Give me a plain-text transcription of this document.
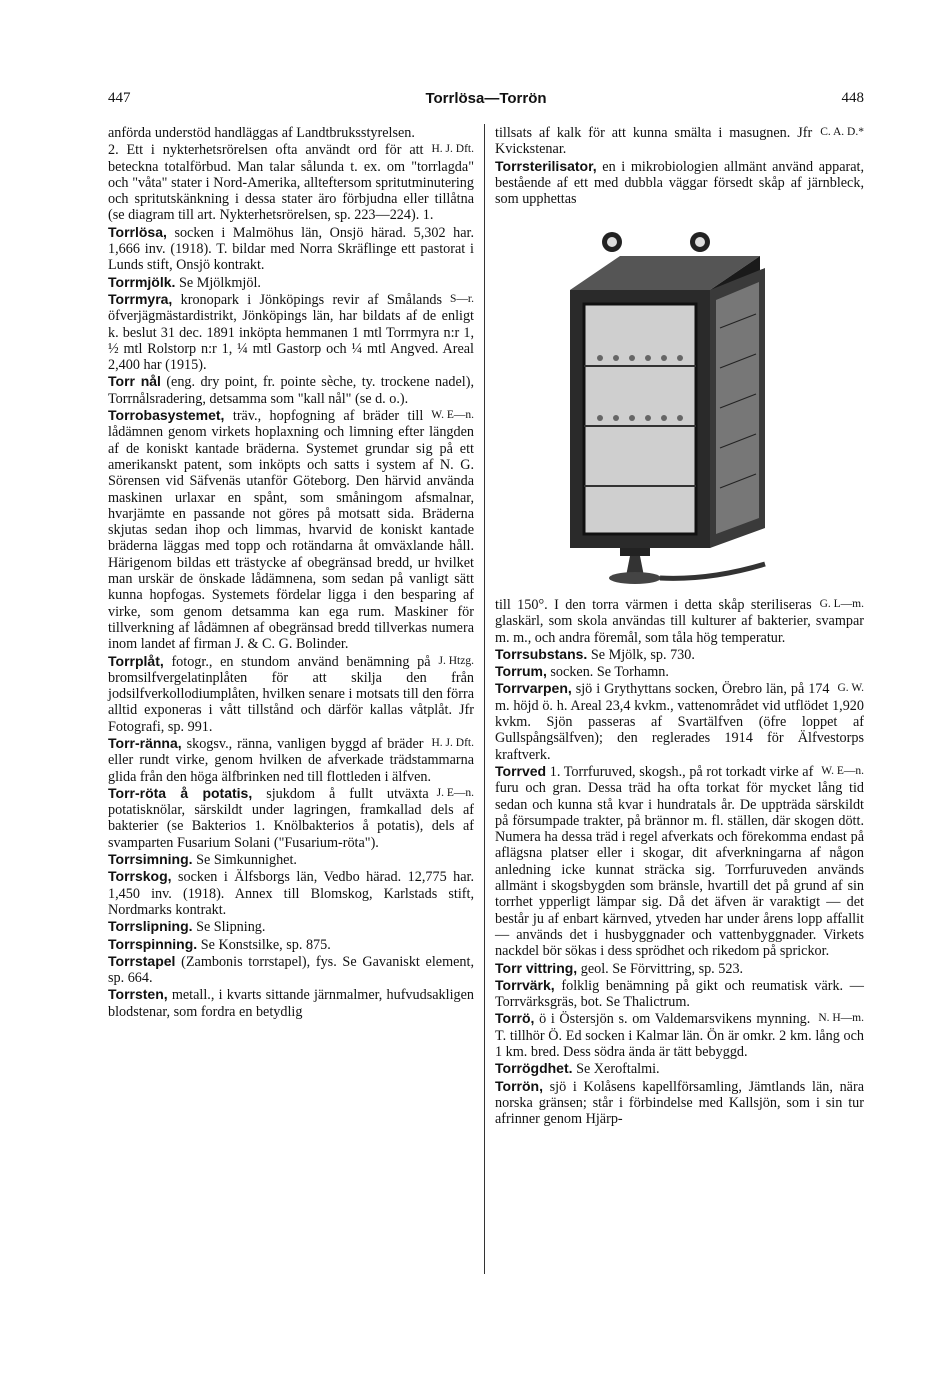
447	Torrlösa—Torrön	448

anförda understöd handläggas af Landtbruksstyrelsen.

H. J. Dft.
2. Ett i nykterhetsrörelsen ofta användt ord för att beteckna totalförbud. Man talar sålunda t. ex. om "torrlagda" och "våta" stater i Nord-Amerika, allteftersom spritutminutering och spritutskänkning i dessa stater äro förbjudna eller tillåtna (se diagram till art. Nykterhetsrörelsen, sp. 223—224). 1.

Torrlösa, socken i Malmöhus län, Onsjö härad. 5,302 har. 1,666 inv. (1918). T. bildar med Norra Skräflinge ett pastorat i Lunds stift, Onsjö kontrakt.

Torrmjölk. Se Mjölkmjöl.

S—r.
Torrmyra, kronopark i Jönköpings revir af Smålands öfverjägmästardistrikt, Jönköpings län, har bildats af de enligt k. beslut 31 dec. 1891 inköpta hemmanen 1 mtl Torrmyra n:r 1, ½ mtl Rolstorp n:r 1, ¼ mtl Gastorp och ¼ mtl Angved. Areal 2,400 har (1915).

Torr nål (eng. dry point, fr. pointe sèche, ty. trockene nadel), Torrnålsradering, detsamma som "kall nål" (se d. o.).

W. E—n.
Torrobasystemet, träv., hopfogning af bräder till lådämnen genom virkets hoplaxning och limning efter längden af de koniskt kantade bräderna. Systemet grundar sig på ett amerikanskt patent, som inköpts och satts i system af N. G. Sörensen vid Säfvenäs utanför Göteborg. Den härvid använda maskinen urlaxar en spånt, som småningom afsmalnar, hvarjämte en passande not göres på motsatt sida. Bräderna skjutas sedan ihop och limmas, hvarvid de koniskt kantade bräderna läggas med topp och rotändarna åt omväxlande håll. Härigenom bildas ett trästycke af obegränsad bredd, ur hvilket man urskär de önskade lådämnena, som sedan på vanligt sätt kunna hopfogas. Systemets fördelar ligga i den besparing af virke, som genom detsamma kan ega rum. Maskiner för tillverkning af lådämnen af obegränsad bredd tillverkas numera inom landet af firman J. & C. G. Bolinder.

J. Htzg.
Torrplåt, fotogr., en stundom använd benämning på bromsilfvergelatinplåten för att skilja den från jodsilfverkollodiumplåten, hvilken senare i motsats till den förra alltid exponeras i vått tillstånd och därför kallas våtplåt. Jfr Fotografi, sp. 991.

H. J. Dft.
Torr-ränna, skogsv., ränna, vanligen byggd af bräder eller rundt virke, genom hvilken de afverkade trädstammarna glida från den höga älfbrinken ned till flottleden i älfven.

J. E—n.
Torr-röta å potatis, sjukdom å fullt utväxta potatisknölar, särskildt under lagringen, framkallad dels af bakterier (se Bakterios 1. Knölbakterios å potatis), dels af svamparten Fusarium Solani ("Fusarium-röta").

Torrsimning. Se Simkunnighet.

Torrskog, socken i Älfsborgs län, Vedbo härad. 12,775 har. 1,450 inv. (1918). Annex till Blomskog, Karlstads stift, Nordmarks kontrakt.

Torrslipning. Se Slipning.

Torrspinning. Se Konstsilke, sp. 875.

Torrstapel (Zambonis torrstapel), fys. Se Gavaniskt element, sp. 664.

Torrsten, metall., i kvarts sittande järnmalmer, hufvudsakligen blodstenar, som fordra en betydlig

C. A. D.*
tillsats af kalk för att kunna smälta i masugnen. Jfr Kvickstenar.

Torrsterilisator, en i mikrobiologien allmänt använd apparat, bestående af ett med dubbla väggar försedt skåp af järnbleck, som upphettas

G. L—m.
till 150°. I den torra värmen i detta skåp steriliseras glaskärl, som skola användas till kulturer af bakterier, svampar m. m., och andra föremål, som tåla hög temperatur.

Torrsubstans. Se Mjölk, sp. 730.

Torrum, socken. Se Torhamn.

G. W.
Torrvarpen, sjö i Grythyttans socken, Örebro län, på 174 m. höjd ö. h. Areal 23,4 kvkm., vattenområdet vid utflödet 1,920 kvkm. Sjön passeras af Svartälfven (öfre loppet af Gullspångsälfven); den reglerades 1914 för Älfvestorps kraftverk.

W. E—n.
Torrved 1. Torrfuruved, skogsh., på rot torkadt virke af furu och gran. Dessa träd ha ofta torkat för mycket lång tid sedan och kunna stå kvar i hundratals år. De uppträda särskildt på försumpade trakter, på brännor m. fl. ställen, där skogen dött. Numera ha dessa träd i regel afverkats och förekomma endast på aflägsna platser eller i skogar, dit afverkningarna af någon anledning icke kunnat sträcka sig. Torrfuruveden används allmänt i skogsbygden som bränsle, hvartill det på grund af sin torrhet ypperligt lämpar sig. Då det äfven är varaktigt — det består ju af enbart kärnved, ytveden har under årens lopp affallit — används det i husbyggnader och vattenbyggnader. Virkets nackdel bör sökas i dess sprödhet och rikedom på sprickor.

Torr vittring, geol. Se Förvittring, sp. 523.

Torrvärk, folklig benämning på gikt och reumatisk värk. — Torrvärksgräs, bot. Se Thalictrum.

N. H—m.
Torrö, ö i Östersjön s. om Valdemarsvikens mynning. T. tillhör Ö. Ed socken i Kalmar län. Ön är omkr. 2 km. lång och 1 km. bred. Dess södra ända är tätt bebyggd.

Torrögdhet. Se Xeroftalmi.

Torrön, sjö i Kolåsens kapellförsamling, Jämtlands län, nära norska gränsen; står i förbindelse med Kallsjön, som i sin tur afrinner genom Hjärp-
